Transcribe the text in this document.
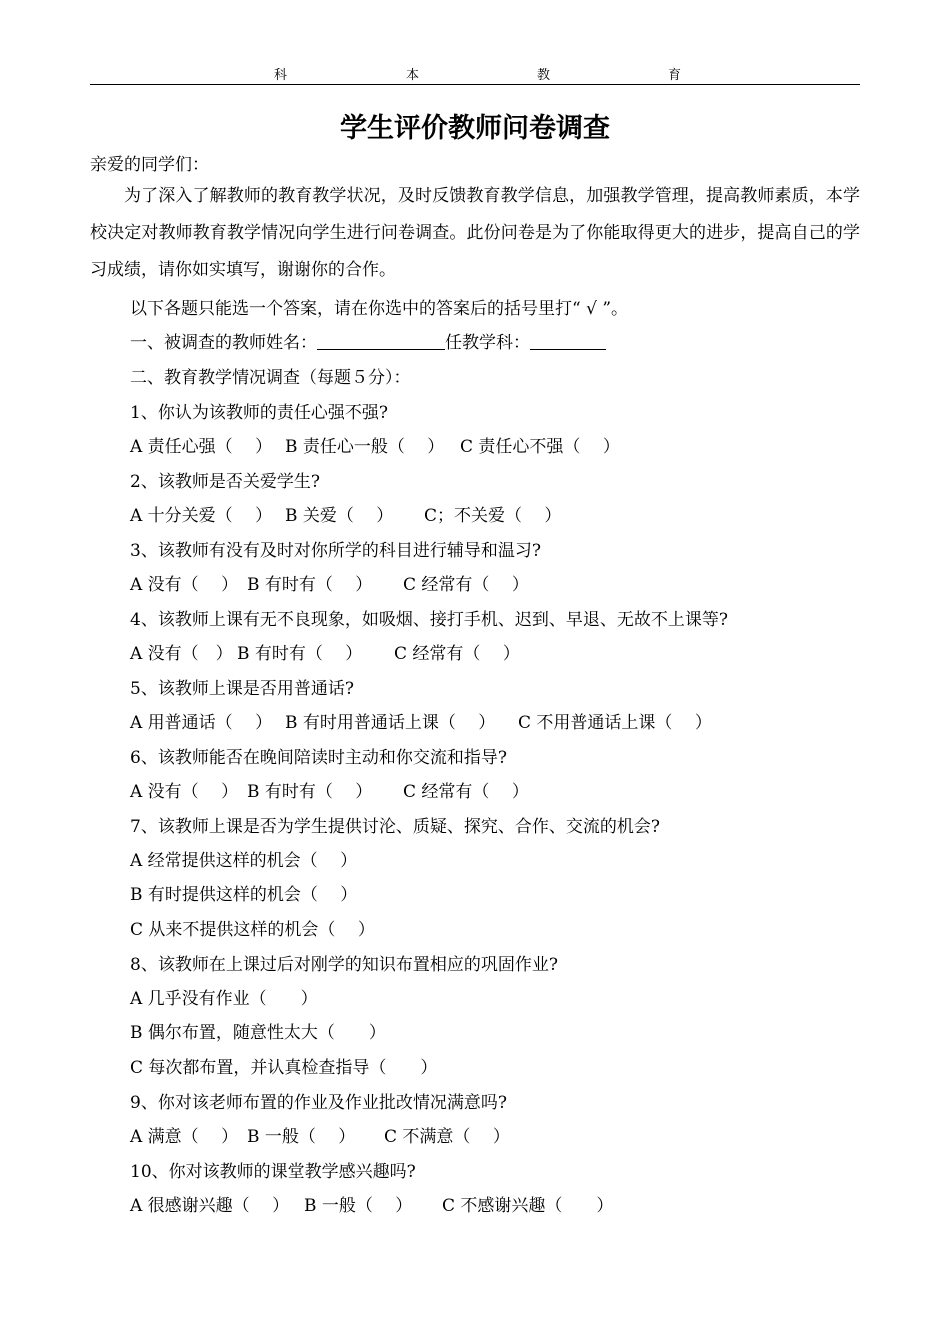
科	本	教	育
学生评价教师问卷调查
亲爱的同学们：
为了深入了解教师的教育教学状况，及时反馈教育教学信息，加强教学管理，提高教师素质，本学校决定对教师教育教学情况向学生进行问卷调查。此份问卷是为了你能取得更大的进步，提高自己的学习成绩，请你如实填写，谢谢你的合作。
以下各题只能选一个答案，请在你选中的答案后的括号里打“ √ ”。
一、被调查的教师姓名：	任教学科：
二、教育教学情况调查（每题５分）：
1、你认为该教师的责任心强不强?
A 责任心强（　 ） B 责任心一般（　 ） C 责任心不强（　 ）
2、该教师是否关爱学生?
A 十分关爱（　 ） B 关爱（　 ） C；不关爱（　 ）
3、该教师有没有及时对你所学的科目进行辅导和温习?
A 没有（　 ） B 有时有（　 ） C 经常有（　 ）
4、该教师上课有无不良现象，如吸烟、接打手机、迟到、早退、无故不上课等?
A 没有（　） B 有时有（　 ） C 经常有（　 ）
5、该教师上课是否用普通话?
A 用普通话（　 ） B 有时用普通话上课（　 ） C 不用普通话上课（　 ）
6、该教师能否在晚间陪读时主动和你交流和指导?
A 没有（　 ） B 有时有（　 ） C 经常有（　 ）
7、该教师上课是否为学生提供讨沦、质疑、探究、合作、交流的机会?
A 经常提供这样的机会（　 ）
B 有时提供这样的机会（　 ）
C 从来不提供这样的机会（　 ）
8、该教师在上课过后对刚学的知识布置相应的巩固作业?
A 几乎没有作业（　　）
B 偶尔布置，随意性太大（　　）
C 每次都布置，并认真检查指导（　　）
9、你对该老师布置的作业及作业批改情况满意吗?
A 满意（　 ） B 一般（　 ） C 不满意（　 ）
10、你对该教师的课堂教学感兴趣吗?
A 很感谢兴趣（　 ） B 一般（　 ） C 不感谢兴趣（　　）
